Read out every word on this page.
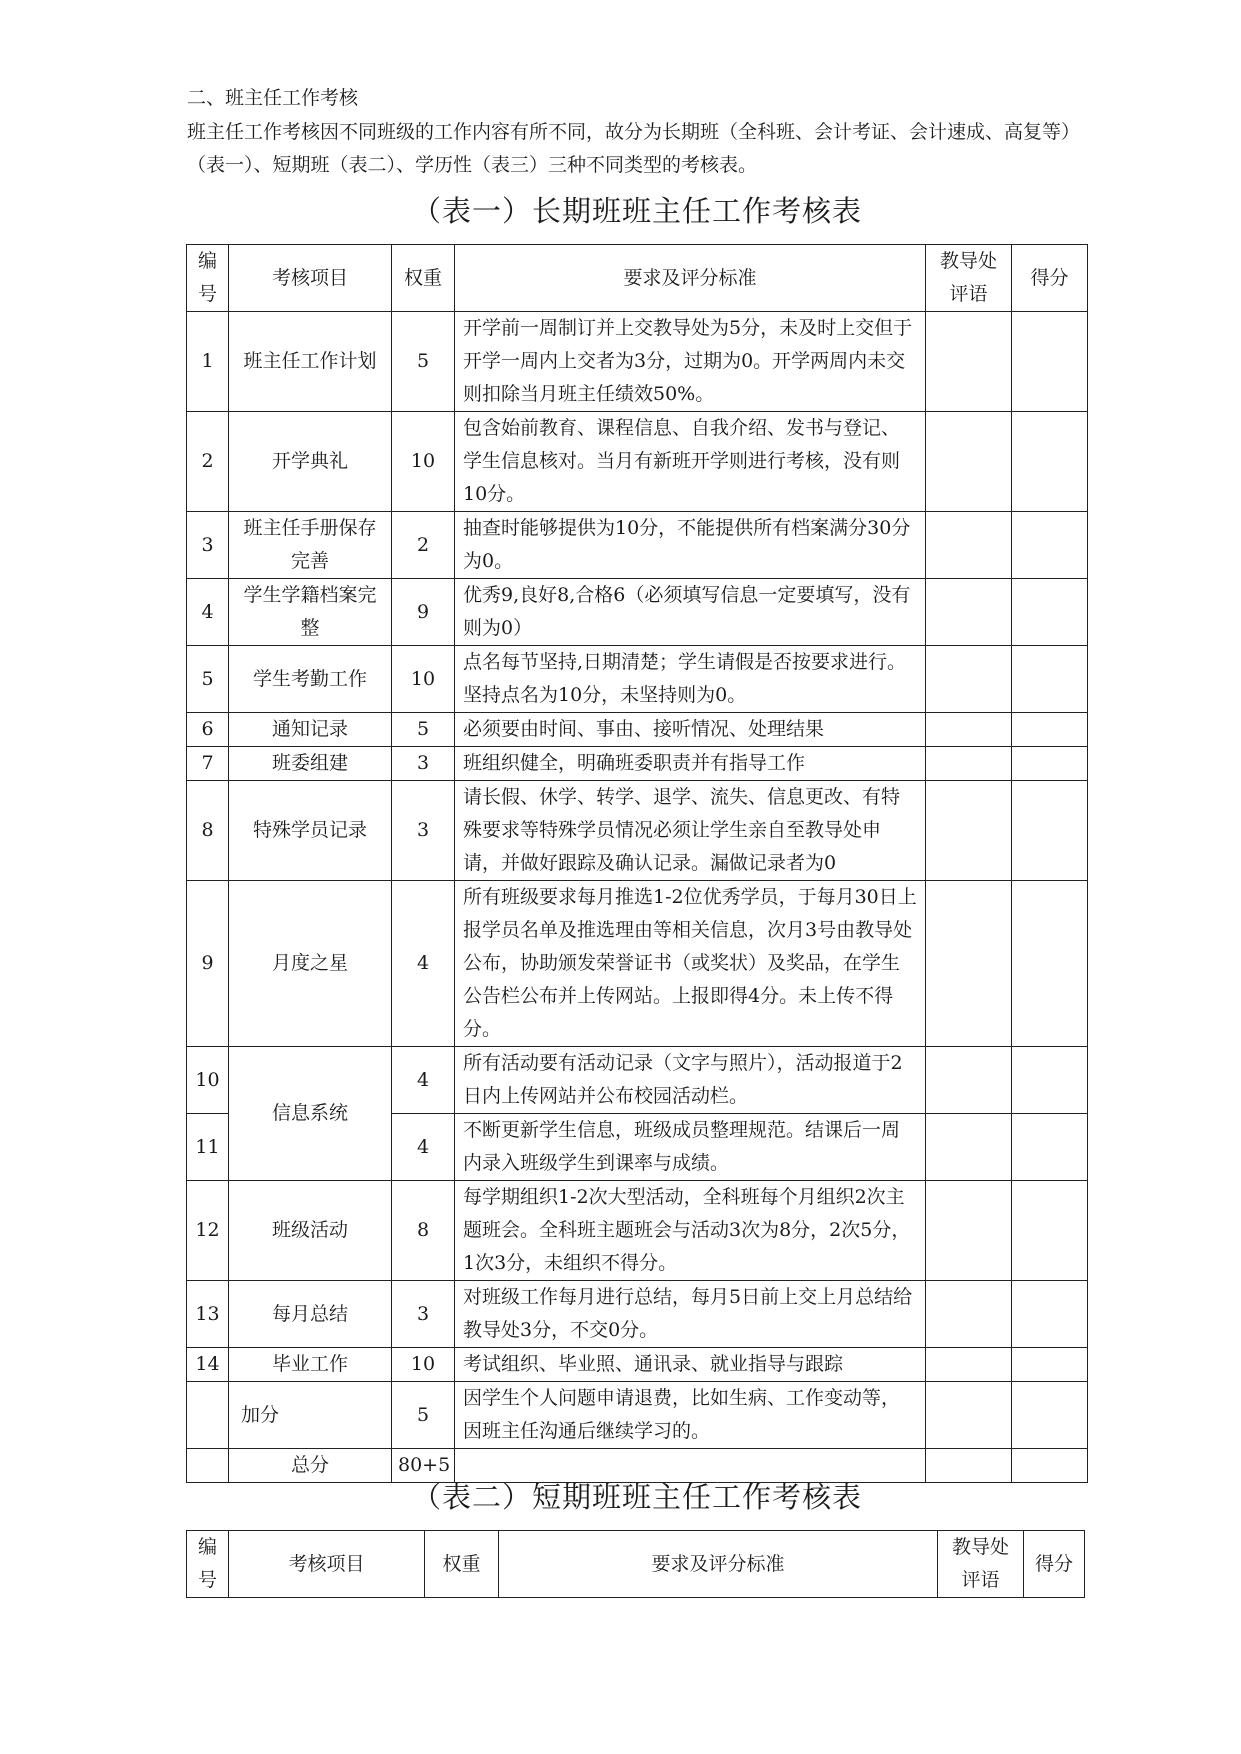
二、班主任工作考核

班主任工作考核因不同班级的工作内容有所不同，故分为长期班（全科班、会计考证、会计速成、高复等）

（表一）、短期班（表二）、学历性（表三）三种不同类型的考核表。

（表一）长期班班主任工作考核表
编号	考核项目	权重	要求及评分标准	教导处评语	得分
1	班主任工作计划	5	开学前一周制订并上交教导处为5分，未及时上交但于开学一周内上交者为3分，过期为0。开学两周内未交则扣除当月班主任绩效50%。		
2	开学典礼	10	包含始前教育、课程信息、自我介绍、发书与登记、学生信息核对。当月有新班开学则进行考核，没有则10分。		
3	班主任手册保存完善	2	抽查时能够提供为10分，不能提供所有档案满分30分为0。		
4	学生学籍档案完整	9	优秀9,良好8,合格6（必须填写信息一定要填写，没有则为0）		
5	学生考勤工作	10	点名每节坚持,日期清楚；学生请假是否按要求进行。坚持点名为10分，未坚持则为0。		
6	通知记录	5	必须要由时间、事由、接听情况、处理结果		
7	班委组建	3	班组织健全，明确班委职责并有指导工作		
8	特殊学员记录	3	请长假、休学、转学、退学、流失、信息更改、有特殊要求等特殊学员情况必须让学生亲自至教导处申请，并做好跟踪及确认记录。漏做记录者为0		
9	月度之星	4	所有班级要求每月推选1-2位优秀学员，于每月30日上报学员名单及推选理由等相关信息，次月3号由教导处公布，协助颁发荣誉证书（或奖状）及奖品，在学生公告栏公布并上传网站。上报即得4分。未上传不得分。		
10	信息系统	4	所有活动要有活动记录（文字与照片），活动报道于2日内上传网站并公布校园活动栏。		
11		4	不断更新学生信息，班级成员整理规范。结课后一周内录入班级学生到课率与成绩。		
12	班级活动	8	每学期组织1-2次大型活动，全科班每个月组织2次主题班会。全科班主题班会与活动3次为8分，2次5分，1次3分，未组织不得分。		
13	每月总结	3	对班级工作每月进行总结，每月5日前上交上月总结给教导处3分，不交0分。		
14	毕业工作	10	考试组织、毕业照、通讯录、就业指导与跟踪		
	加分	5	因学生个人问题申请退费，比如生病、工作变动等，因班主任沟通后继续学习的。		
	总分	80+5			
（表二）短期班班主任工作考核表
编号	考核项目	权重	要求及评分标准	教导处评语	得分
